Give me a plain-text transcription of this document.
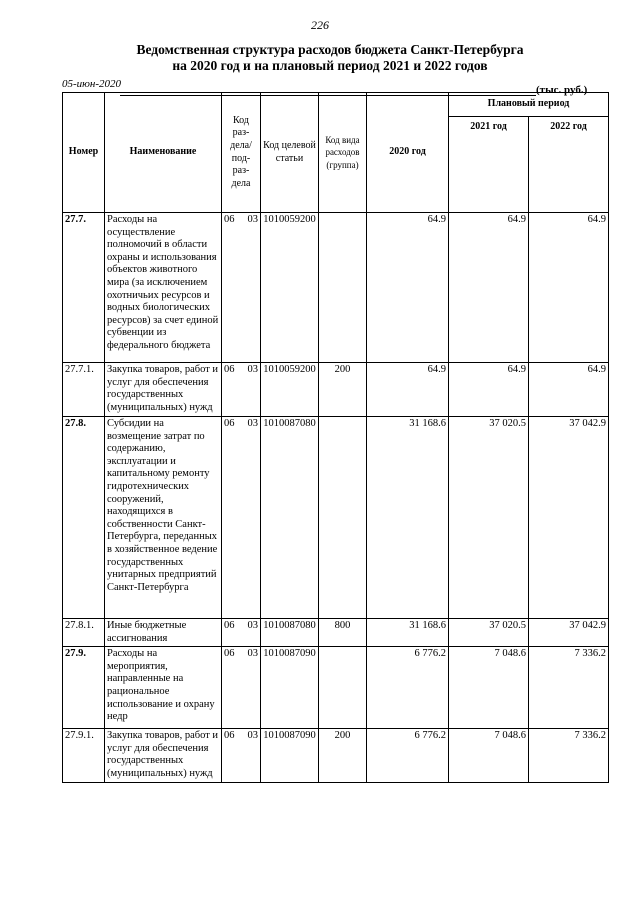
226
Ведомственная структура расходов бюджета Санкт-Петербурга
на 2020 год и на плановый период 2021 и 2022 годов
05-июн-2020	(тыс. руб.)
Номер	Наименование	Код раз-дела/ под-раз-дела	Код целевой статьи	Код вида расходов (группа)	2020 год	Плановый период	
						2021 год	2022 год
27.7.	Расходы на осуществление полномочий в области охраны и использования объектов животного мира (за исключением охотничьих ресурсов и водных биологических ресурсов) за счет единой субвенции из федерального бюджета	06 03	1010059200		64.9	64.9	64.9
27.7.1.	Закупка товаров, работ и услуг для обеспечения государственных (муниципальных) нужд	06 03	1010059200	200	64.9	64.9	64.9
27.8.	Субсидии на возмещение затрат по содержанию, эксплуатации и капитальному ремонту гидротехнических сооружений, находящихся в собственности Санкт-Петербурга, переданных в хозяйственное ведение государственных унитарных предприятий Санкт-Петербурга	06 03	1010087080		31 168.6	37 020.5	37 042.9
27.8.1.	Иные бюджетные ассигнования	06 03	1010087080	800	31 168.6	37 020.5	37 042.9
27.9.	Расходы на мероприятия, направленные на рациональное использование и охрану недр	06 03	1010087090		6 776.2	7 048.6	7 336.2
27.9.1.	Закупка товаров, работ и услуг для обеспечения государственных (муниципальных) нужд	06 03	1010087090	200	6 776.2	7 048.6	7 336.2
